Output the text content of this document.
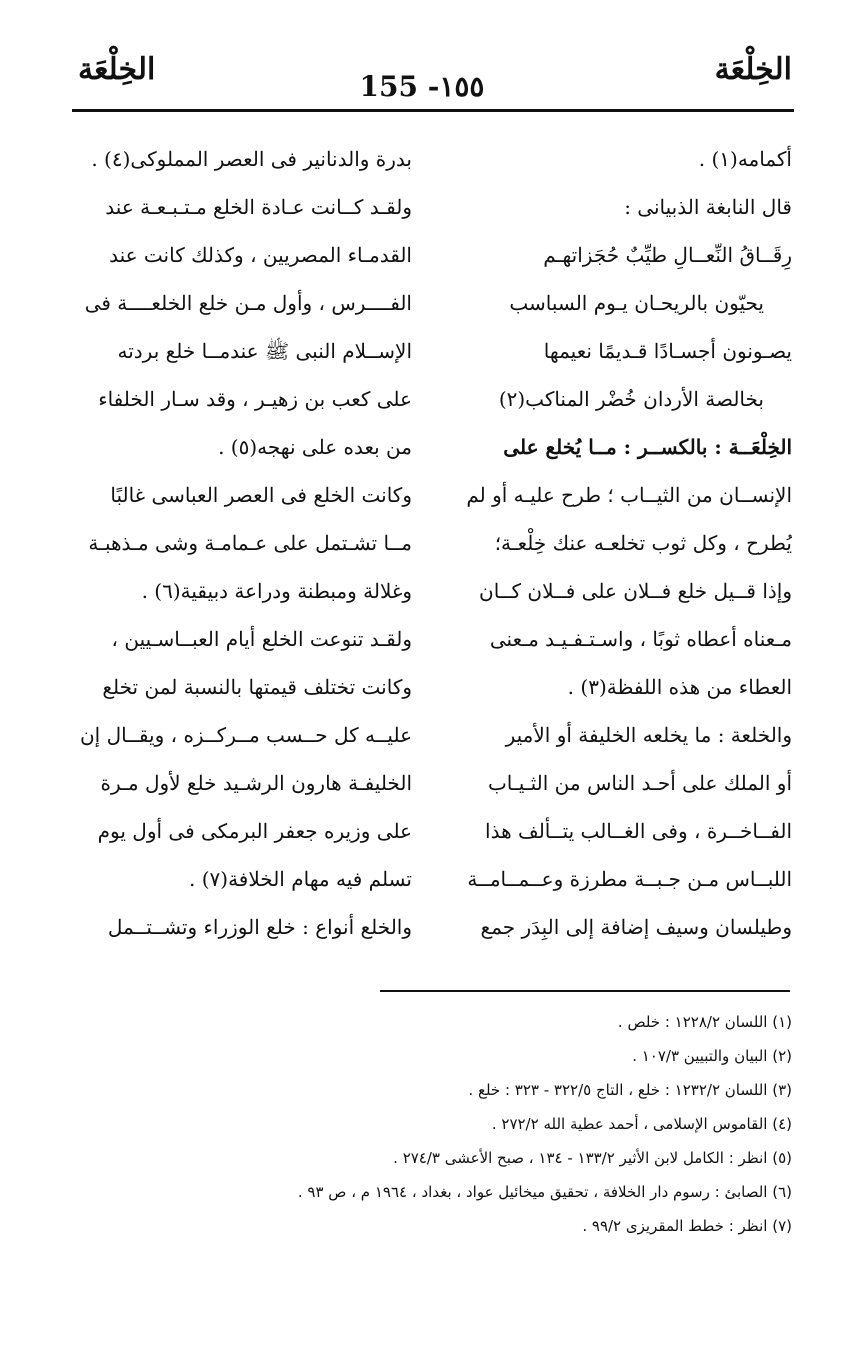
الخِلْعَة
155 -١٥٥
الخِلْعَة
أكمامه(١) .
قال النابغة الذبيانى :
رِقَــاقُ النِّعــالِ طيِّبٌ حُجَزاتهـم
يحيّون بالريحـان يـوم السباسب
يصـونون أجسـادًا قـديمًا نعيمها
بخالصة الأردان خُضْر المناكب(٢)
الخِلْعَــة : بالكســر : مــا يُخلع على
الإنســان من الثيــاب ؛ طرح عليـه أو لم
يُطرح ، وكل ثوب تخلعـه عنك خِلْعـة؛
وإذا قــيل خلع فــلان على فــلان كــان
مـعناه أعطاه ثوبًا ، واسـتـفـيـد مـعنى
العطاء من هذه اللفظة(٣) .
والخلعة : ما يخلعه الخليفة أو الأمير
أو الملك على أحـد الناس من الثـيـاب
الفــاخــرة ، وفى الغــالب يتــألف هذا
اللبــاس مـن جـبــة مطرزة وعــمــامــة
وطيلسان وسيف إضافة إلى البِدَر جمع
بدرة والدنانير فى العصر المملوكى(٤) .
ولقـد كــانت عـادة الخلع مـتـبـعـة عند
القدمـاء المصريين ، وكذلك كانت عند
الفــــرس ، وأول مـن خلع الخلعــــة فى
الإســلام النبى ﷺ عندمــا خلع بردته
على كعب بن زهيـر ، وقد سـار الخلفاء
من بعده على نهجه(٥) .
وكانت الخلع فى العصر العباسى غالبًا
مــا تشـتمل على عـمامـة وشى مـذهبـة
وغلالة ومبطنة ودراعة دبيقية(٦) .
ولقـد تنوعت الخلع أيام العبــاسـيين ،
وكانت تختلف قيمتها بالنسبة لمن تخلع
عليــه كل حــسب مــركــزه ، ويقــال إن
الخليفـة هارون الرشـيد خلع لأول مـرة
على وزيره جعفر البرمكى فى أول يوم
تسلم فيه مهام الخلافة(٧) .
والخلع أنواع : خلع الوزراء وتشــتــمل
(١) اللسان ١٢٢٨/٢ : خلص .
(٢) البيان والتبيين ١٠٧/٣ .
(٣) اللسان ١٢٣٢/٢ : خلع ، التاج ٣٢٢/٥ - ٣٢٣ : خلع .
(٤) القاموس الإسلامى ، أحمد عطية الله ٢٧٢/٢ .
(٥) انظر : الكامل لابن الأثير ١٣٣/٢ - ١٣٤ ، صبح الأعشى ٢٧٤/٣ .
(٦) الصابئ : رسوم دار الخلافة ، تحقيق ميخائيل عواد ، بغداد ، ١٩٦٤ م ، ص ٩٣ .
(٧) انظر : خطط المقريزى ٩٩/٢ .
